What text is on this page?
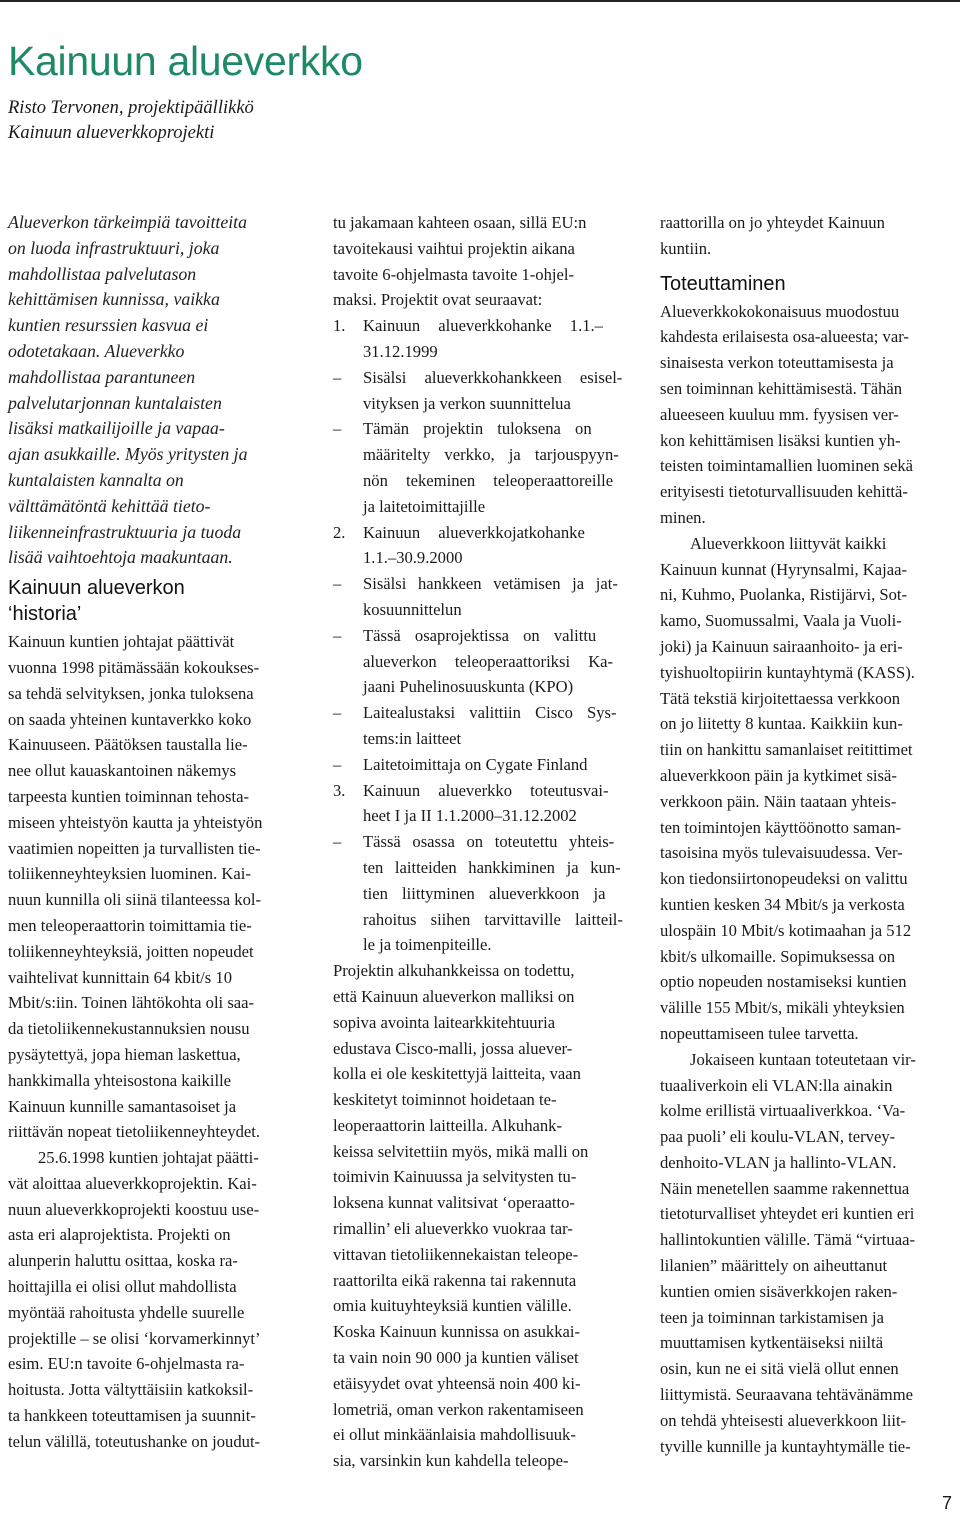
Kainuun alueverkko
Risto Tervonen, projektipäällikkö
Kainuun alueverkkoprojekti
Alueverkon tärkeimpiä tavoitteita
on luoda infrastruktuuri, joka
mahdollistaa palvelutason
kehittämisen kunnissa, vaikka
kuntien resurssien kasvua ei
odotetakaan. Alueverkko
mahdollistaa parantuneen
palvelutarjonnan kuntalaisten
lisäksi matkailijoille ja vapaa-
ajan asukkaille. Myös yritysten ja
kuntalaisten kannalta on
välttämätöntä kehittää tieto-
liikenneinfrastruktuuria ja tuoda
lisää vaihtoehtoja maakuntaan.
Kainuun alueverkon
‘historia’
Kainuun kuntien johtajat päättivät
vuonna 1998 pitämässään kokoukses-
sa tehdä selvityksen, jonka tuloksena
on saada yhteinen kuntaverkko koko
Kainuuseen. Päätöksen taustalla lie-
nee ollut kauaskantoinen näkemys
tarpeesta kuntien toiminnan tehosta-
miseen yhteistyön kautta ja yhteistyön
vaatimien nopeitten ja turvallisten tie-
toliikenneyhteyksien luominen. Kai-
nuun kunnilla oli siinä tilanteessa kol-
men teleoperaattorin toimittamia tie-
toliikenneyhteyksiä, joitten nopeudet
vaihtelivat kunnittain 64 kbit/s 10
Mbit/s:iin. Toinen lähtökohta oli saa-
da tietoliikennekustannuksien nousu
pysäytettyä, jopa hieman laskettua,
hankkimalla yhteisostona kaikille
Kainuun kunnille samantasoiset ja
riittävän nopeat tietoliikenneyhteydet.
25.6.1998 kuntien johtajat päätti-
vät aloittaa alueverkkoprojektin. Kai-
nuun alueverkkoprojekti koostuu use-
asta eri alaprojektista. Projekti on
alunperin haluttu osittaa, koska ra-
hoittajilla ei olisi ollut mahdollista
myöntää rahoitusta yhdelle suurelle
projektille – se olisi ‘korvamerkinnyt’
esim. EU:n tavoite 6-ohjelmasta ra-
hoitusta. Jotta vältyttäisiin katkoksil-
ta hankkeen toteuttamisen ja suunnit-
telun välillä, toteutushanke on joudut-
tu jakamaan kahteen osaan, sillä EU:n
tavoitekausi vaihtui projektin aikana
tavoite 6-ohjelmasta tavoite 1-ohjel-
maksi. Projektit ovat seuraavat:
1. Kainuun alueverkkohanke 1.1.–
31.12.1999
– Sisälsi alueverkkohankkeen esisel-
vityksen ja verkon suunnittelua
– Tämän projektin tuloksena on
määritelty verkko, ja tarjouspyyn-
nön tekeminen teleoperaattoreille
ja laitetoimittajille
2. Kainuun alueverkkojatkohanke
1.1.–30.9.2000
– Sisälsi hankkeen vetämisen ja jat-
kosuunnittelun
– Tässä osaprojektissa on valittu
alueverkon teleoperaattoriksi Ka-
jaani Puhelinosuuskunta (KPO)
– Laitealustaksi valittiin Cisco Sys-
tems:in laitteet
– Laitetoimittaja on Cygate Finland
3. Kainuun alueverkko toteutusvai-
heet I ja II 1.1.2000–31.12.2002
– Tässä osassa on toteutettu yhteis-
ten laitteiden hankkiminen ja kun-
tien liittyminen alueverkkoon ja
rahoitus siihen tarvittaville laitteil-
le ja toimenpiteille.
Projektin alkuhankkeissa on todettu,
että Kainuun alueverkon malliksi on
sopiva avointa laitearkkitehtuuria
edustava Cisco-malli, jossa aluever-
kolla ei ole keskitettyjä laitteita, vaan
keskitetyt toiminnot hoidetaan te-
leoperaattorin laitteilla. Alkuhank-
keissa selvitettiin myös, mikä malli on
toimivin Kainuussa ja selvitysten tu-
loksena kunnat valitsivat ‘operaatto-
rimallin’ eli alueverkko vuokraa tar-
vittavan tietoliikennekaistan teleope-
raattorilta eikä rakenna tai rakennuta
omia kuituyhteyksiä kuntien välille.
Koska Kainuun kunnissa on asukkai-
ta vain noin 90 000 ja kuntien väliset
etäisyydet ovat yhteensä noin 400 ki-
lometriä, oman verkon rakentamiseen
ei ollut minkäänlaisia mahdollisuuk-
sia, varsinkin kun kahdella teleope-
raattorilla on jo yhteydet Kainuun
kuntiin.
Toteuttaminen
Alueverkkokokonaisuus muodostuu
kahdesta erilaisesta osa-alueesta; var-
sinaisesta verkon toteuttamisesta ja
sen toiminnan kehittämisestä. Tähän
alueeseen kuuluu mm. fyysisen ver-
kon kehittämisen lisäksi kuntien yh-
teisten toimintamallien luominen sekä
erityisesti tietoturvallisuuden kehittä-
minen.
Alueverkkoon liittyvät kaikki
Kainuun kunnat (Hyrynsalmi, Kajaa-
ni, Kuhmo, Puolanka, Ristijärvi, Sot-
kamo, Suomussalmi, Vaala ja Vuoli-
joki) ja Kainuun sairaanhoito- ja eri-
tyishuoltopiirin kuntayhtymä (KASS).
Tätä tekstiä kirjoitettaessa verkkoon
on jo liitetty 8 kuntaa. Kaikkiin kun-
tiin on hankittu samanlaiset reitittimet
alueverkkoon päin ja kytkimet sisä-
verkkoon päin. Näin taataan yhteis-
ten toimintojen käyttöönotto saman-
tasoisina myös tulevaisuudessa. Ver-
kon tiedonsiirtonopeudeksi on valittu
kuntien kesken 34 Mbit/s ja verkosta
ulospäin 10 Mbit/s kotimaahan ja 512
kbit/s ulkomaille. Sopimuksessa on
optio nopeuden nostamiseksi kuntien
välille 155 Mbit/s, mikäli yhteyksien
nopeuttamiseen tulee tarvetta.
Jokaiseen kuntaan toteutetaan vir-
tuaaliverkoin eli VLAN:lla ainakin
kolme erillistä virtuaaliverkkoa. ‘Va-
paa puoli’ eli koulu-VLAN, tervey-
denhoito-VLAN ja hallinto-VLAN.
Näin menetellen saamme rakennettua
tietoturvalliset yhteydet eri kuntien eri
hallintokuntien välille. Tämä “virtuaa-
lilanien” määrittely on aiheuttanut
kuntien omien sisäverkkojen raken-
teen ja toiminnan tarkistamisen ja
muuttamisen kytkentäiseksi niiltä
osin, kun ne ei sitä vielä ollut ennen
liittymistä. Seuraavana tehtävänämme
on tehdä yhteisesti alueverkkoon liit-
tyville kunnille ja kuntayhtymälle tie-
7
